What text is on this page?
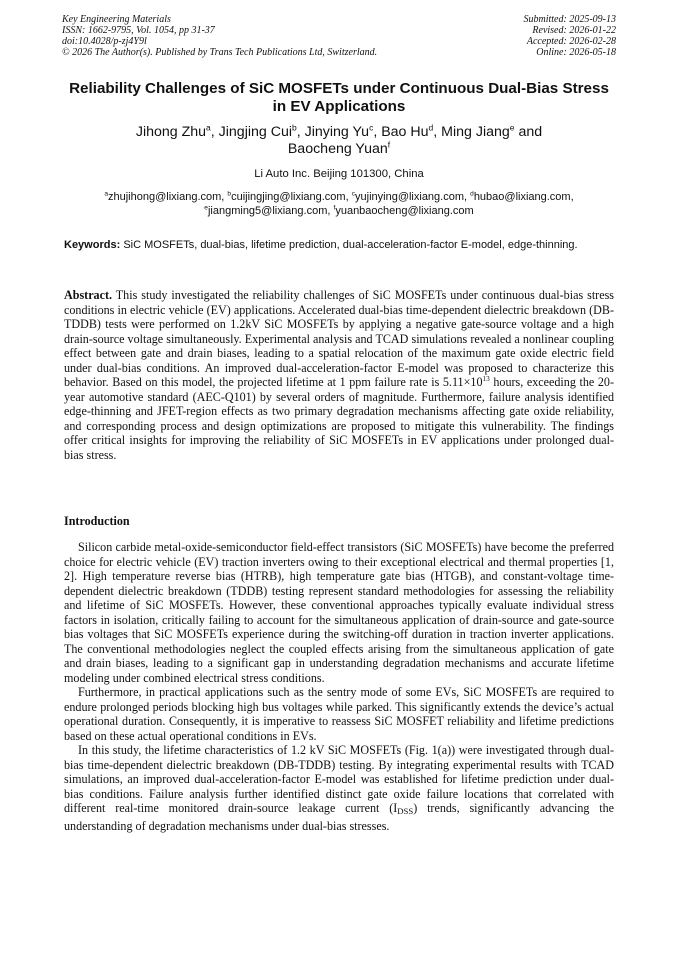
Key Engineering Materials	Submitted: 2025-09-13
ISSN: 1662-9795, Vol. 1054, pp 31-37	Revised: 2026-01-22
doi:10.4028/p-zj4Y9l	Accepted: 2026-02-28
© 2026 The Author(s). Published by Trans Tech Publications Ltd, Switzerland.	Online: 2026-05-18
Reliability Challenges of SiC MOSFETs under Continuous Dual-Bias Stress in EV Applications
Jihong Zhu$^a$, Jingjing Cui$^b$, Jinying Yu$^c$, Bao Hu$^d$, Ming Jiang$^e$ and
Baocheng Yuan$^f$
Li Auto Inc. Beijing 101300, China
$^a$zhujihong@lixiang.com, $^b$cuijingjing@lixiang.com, $^c$yujinying@lixiang.com, $^d$hubao@lixiang.com,
$^e$jiangming5@lixiang.com, $^f$yuanbaocheng@lixiang.com
Keywords: SiC MOSFETs, dual-bias, lifetime prediction, dual-acceleration-factor E-model, edge-thinning.
Abstract. This study investigated the reliability challenges of SiC MOSFETs under continuous dual-bias stress conditions in electric vehicle (EV) applications. Accelerated dual-bias time-dependent dielectric breakdown (DB-TDDB) tests were performed on 1.2kV SiC MOSFETs by applying a negative gate-source voltage and a high drain-source voltage simultaneously. Experimental analysis and TCAD simulations revealed a nonlinear coupling effect between gate and drain biases, leading to a spatial relocation of the maximum gate oxide electric field under dual-bias conditions. An improved dual-acceleration-factor E-model was proposed to characterize this behavior. Based on this model, the projected lifetime at 1 ppm failure rate is $5.11\times 10^{13}$ hours, exceeding the 20-year automotive standard (AEC-Q101) by several orders of magnitude. Furthermore, failure analysis identified edge-thinning and JFET-region effects as two primary degradation mechanisms affecting gate oxide reliability, and corresponding process and design optimizations are proposed to mitigate this vulnerability. The findings offer critical insights for improving the reliability of SiC MOSFETs in EV applications under prolonged dual-bias stress.
Introduction

Silicon carbide metal-oxide-semiconductor field-effect transistors (SiC MOSFETs) have become the preferred choice for electric vehicle (EV) traction inverters owing to their exceptional electrical and thermal properties [1, 2]. High temperature reverse bias (HTRB), high temperature gate bias (HTGB), and constant-voltage time-dependent dielectric breakdown (TDDB) testing represent standard methodologies for assessing the reliability and lifetime of SiC MOSFETs. However, these conventional approaches typically evaluate individual stress factors in isolation, critically failing to account for the simultaneous application of drain-source and gate-source bias voltages that SiC MOSFETs experience during the switching-off duration in traction inverter applications. The conventional methodologies neglect the coupled effects arising from the simultaneous application of gate and drain biases, leading to a significant gap in understanding degradation mechanisms and accurate lifetime modeling under combined electrical stress conditions.

Furthermore, in practical applications such as the sentry mode of some EVs, SiC MOSFETs are required to endure prolonged periods blocking high bus voltages while parked. This significantly extends the device’s actual operational duration. Consequently, it is imperative to reassess SiC MOSFET reliability and lifetime predictions based on these actual operational conditions in EVs.

In this study, the lifetime characteristics of 1.2 kV SiC MOSFETs (Fig. 1(a)) were investigated through dual-bias time-dependent dielectric breakdown (DB-TDDB) testing. By integrating experimental results with TCAD simulations, an improved dual-acceleration-factor E-model was established for lifetime prediction under dual-bias conditions. Failure analysis further identified distinct gate oxide failure locations that correlated with different real-time monitored drain-source leakage current $(I_{DSS})$ trends, significantly advancing the understanding of degradation mechanisms under dual-bias stresses.
